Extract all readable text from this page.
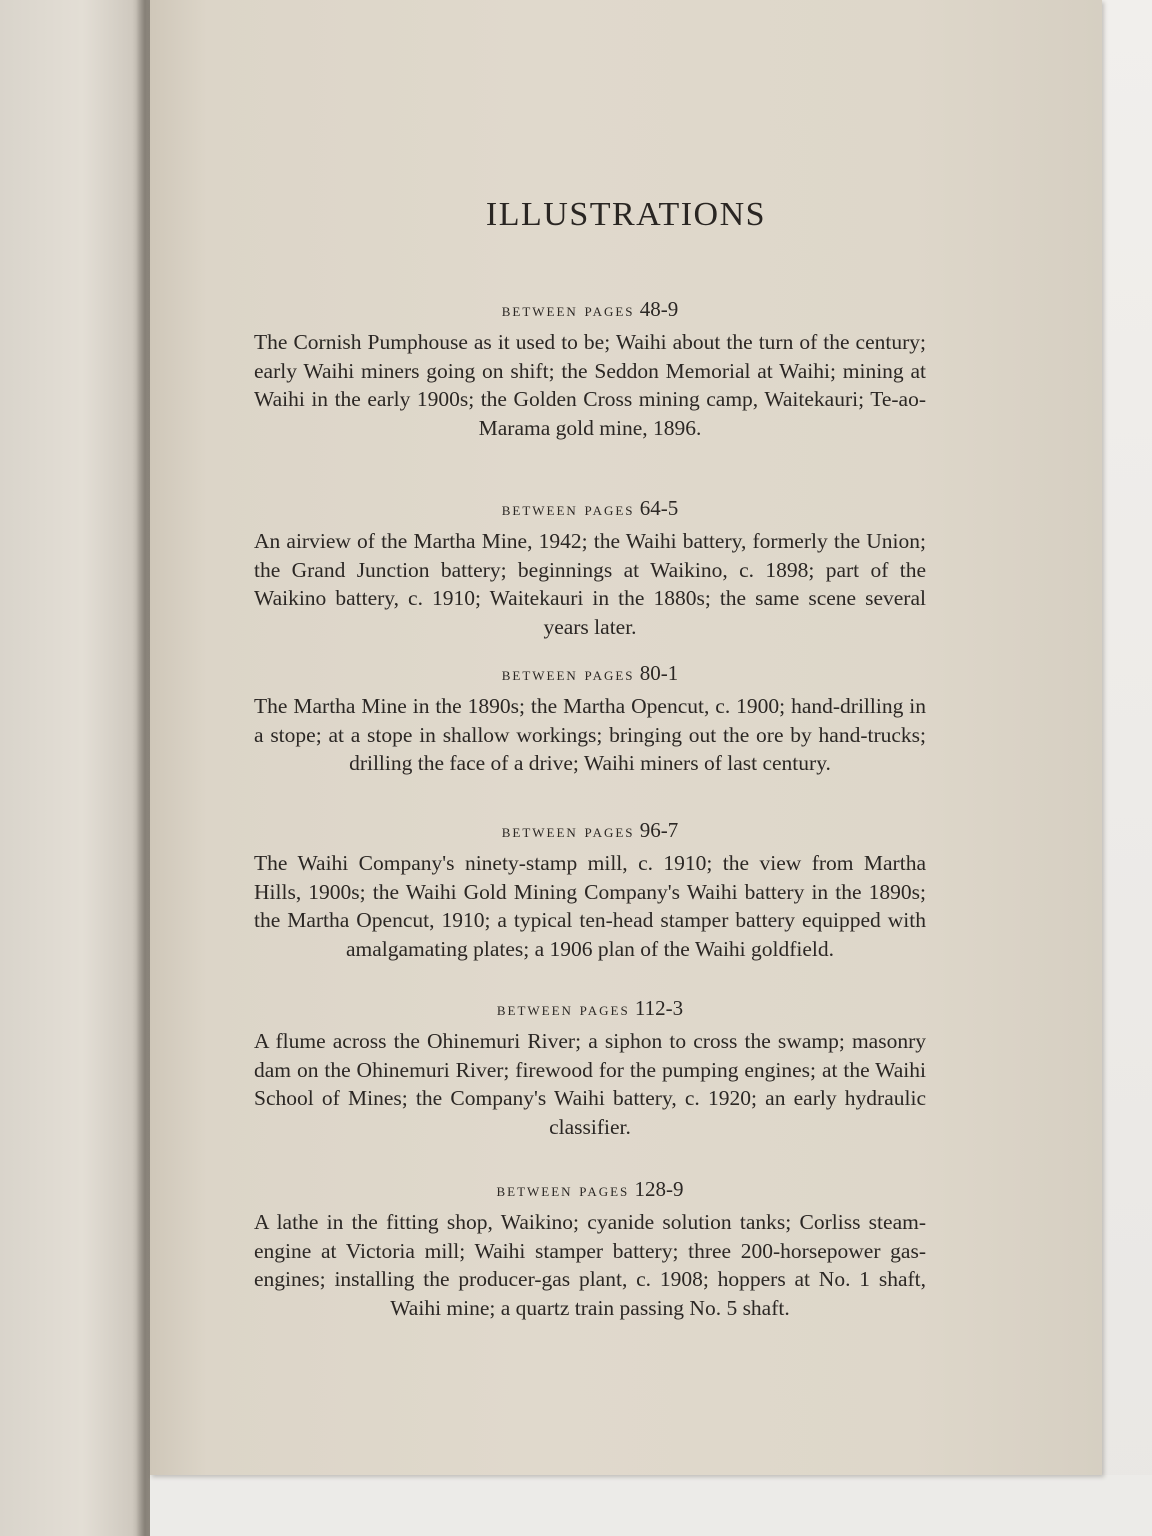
ILLUSTRATIONS

between pages 48-9

The Cornish Pumphouse as it used to be; Waihi about the turn of the century; early Waihi miners going on shift; the Seddon Memorial at Waihi; mining at Waihi in the early 1900s; the Golden Cross mining camp, Waitekauri; Te-ao-Marama gold mine, 1896.

between pages 64-5

An airview of the Martha Mine, 1942; the Waihi battery, formerly the Union; the Grand Junction battery; beginnings at Waikino, c. 1898; part of the Waikino battery, c. 1910; Waitekauri in the 1880s; the same scene several years later.

between pages 80-1

The Martha Mine in the 1890s; the Martha Opencut, c. 1900; hand-drilling in a stope; at a stope in shallow workings; bringing out the ore by hand-trucks; drilling the face of a drive; Waihi miners of last century.

between pages 96-7

The Waihi Company's ninety-stamp mill, c. 1910; the view from Martha Hills, 1900s; the Waihi Gold Mining Company's Waihi battery in the 1890s; the Martha Opencut, 1910; a typical ten-head stamper battery equipped with amalgamating plates; a 1906 plan of the Waihi goldfield.

between pages 112-3

A flume across the Ohinemuri River; a siphon to cross the swamp; masonry dam on the Ohinemuri River; firewood for the pumping engines; at the Waihi School of Mines; the Company's Waihi battery, c. 1920; an early hydraulic classifier.

between pages 128-9

A lathe in the fitting shop, Waikino; cyanide solution tanks; Corliss steam-engine at Victoria mill; Waihi stamper battery; three 200-horsepower gas-engines; installing the producer-gas plant, c. 1908; hoppers at No. 1 shaft, Waihi mine; a quartz train passing No. 5 shaft.
